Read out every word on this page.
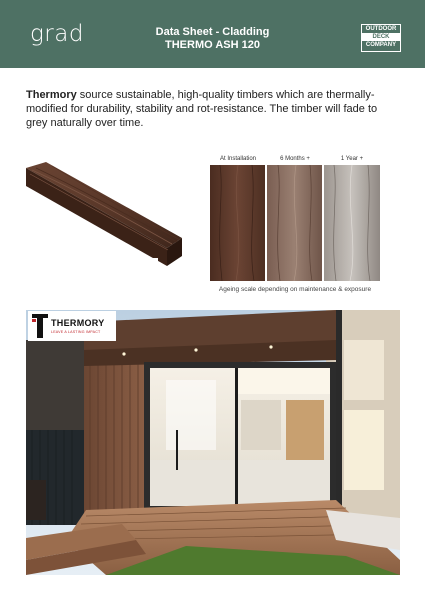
grad	Data Sheet - Cladding
THERMO ASH 120
OUTDOOR
DECK
COMPANY
Thermory source sustainable, high-quality timbers which are thermally-modified for durability, stability and rot-resistance. The timber will fade to grey naturally over time.
At Installation	6 Months +	1 Year +
Ageing scale depending on maintenance & exposure
THERMORY
LEAVE A LASTING IMPACT
